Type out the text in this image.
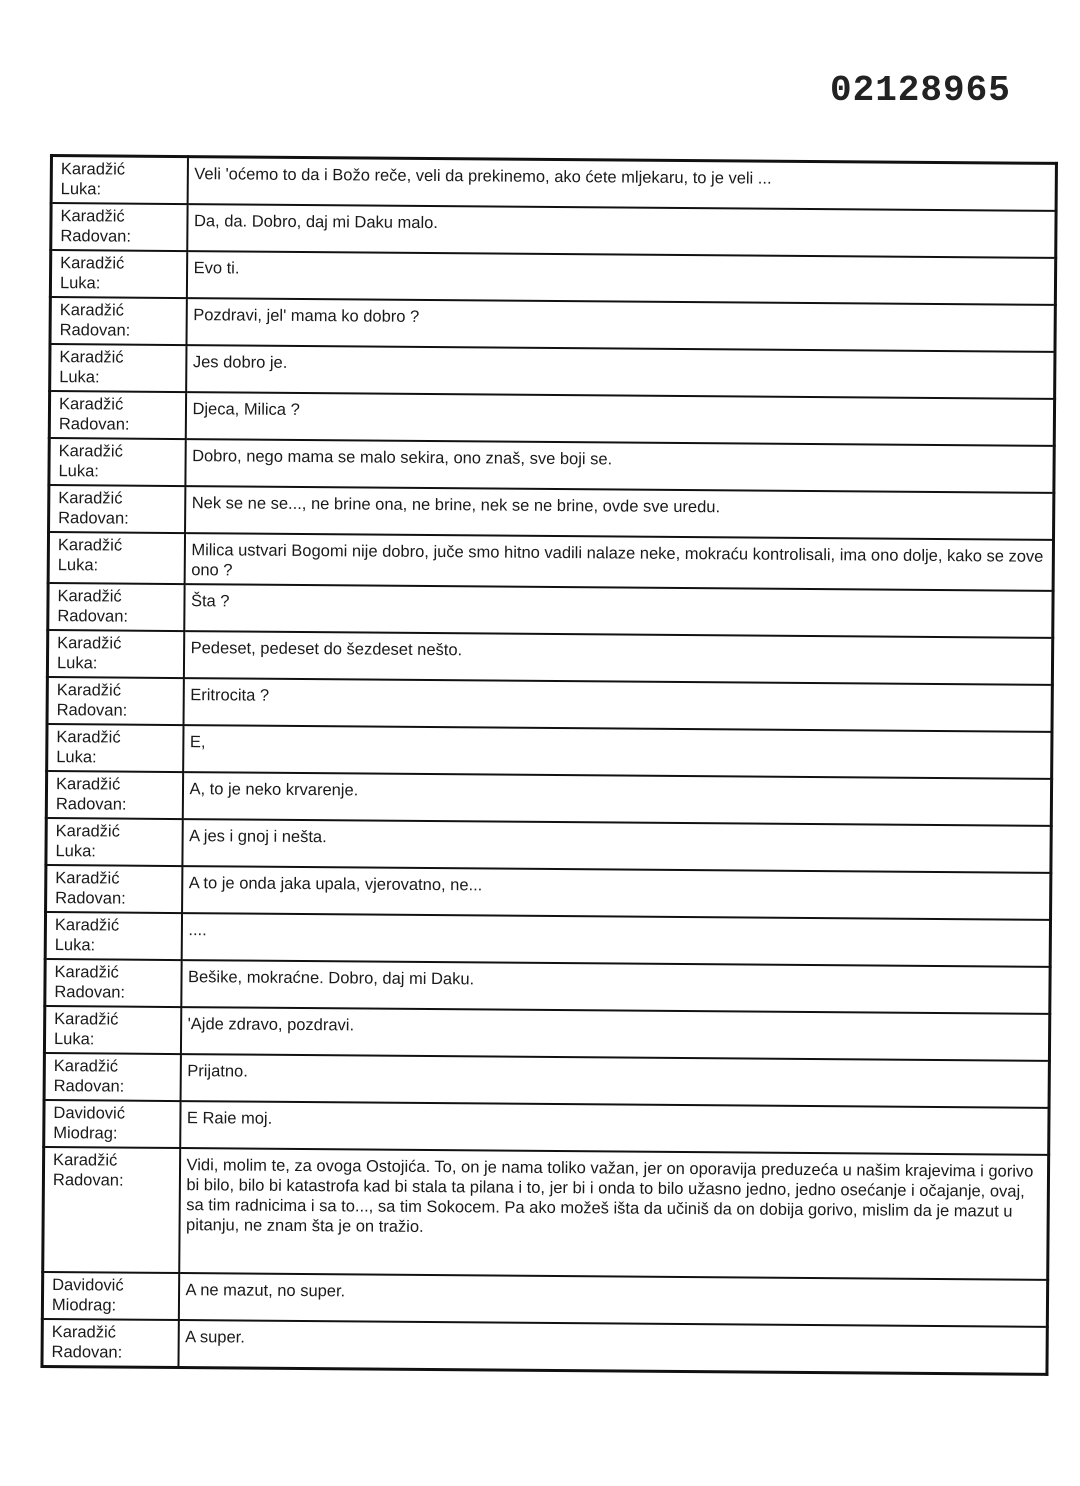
02128965
Karadžić
Luka:	Veli 'oćemo to da i Božo reče, veli da prekinemo, ako ćete mljekaru, to je veli ...

Karadžić
Radovan:	Da, da. Dobro, daj mi Daku malo.

Karadžić
Luka:	Evo ti.

Karadžić
Radovan:	Pozdravi, jel' mama ko dobro ?

Karadžić
Luka:	Jes dobro je.

Karadžić
Radovan:	Djeca, Milica ?

Karadžić
Luka:	Dobro, nego mama se malo sekira, ono znaš, sve boji se.

Karadžić
Radovan:	Nek se ne se..., ne brine ona, ne brine, nek se ne brine, ovde sve uredu.

Karadžić
Luka:	Milica ustvari Bogomi nije dobro, juče smo hitno vadili nalaze neke, mokraću kontrolisali, ima ono dolje, kako se zove ono ?

Karadžić
Radovan:	Šta ?

Karadžić
Luka:	Pedeset, pedeset do šezdeset nešto.

Karadžić
Radovan:	Eritrocita ?

Karadžić
Luka:	E,

Karadžić
Radovan:	A, to je neko krvarenje.

Karadžić
Luka:	A jes i gnoj i nešta.

Karadžić
Radovan:	A to je onda jaka upala, vjerovatno, ne...

Karadžić
Luka:	....

Karadžić
Radovan:	Bešike, mokraćne. Dobro, daj mi Daku.

Karadžić
Luka:	'Ajde zdravo, pozdravi.

Karadžić
Radovan:	Prijatno.

Davidović
Miodrag:	E Raie moj.

Karadžić
Radovan:	Vidi, molim te, za ovoga Ostojića. To, on je nama toliko važan, jer on oporavija preduzeća u našim krajevima i gorivo bi bilo, bilo bi katastrofa kad bi stala ta pilana i to, jer bi i onda to bilo užasno jedno, jedno osećanje i očajanje, ovaj, sa tim radnicima i sa to..., sa tim Sokocem. Pa ako možeš išta da učiniš da on dobija gorivo, mislim da je mazut u pitanju, ne znam šta je on tražio.

Davidović
Miodrag:	A ne mazut, no super.

Karadžić
Radovan:	A super.
